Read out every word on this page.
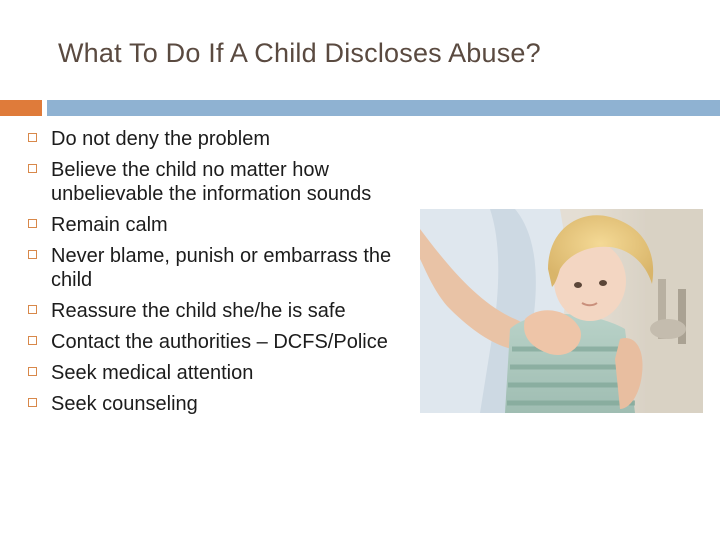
What To Do If A Child Discloses Abuse?
Do not deny the problem
Believe the child no matter how unbelievable the information sounds
Remain calm
Never blame, punish or embarrass the child
Reassure the child she/he is safe
Contact the authorities – DCFS/Police
Seek medical attention
Seek counseling
